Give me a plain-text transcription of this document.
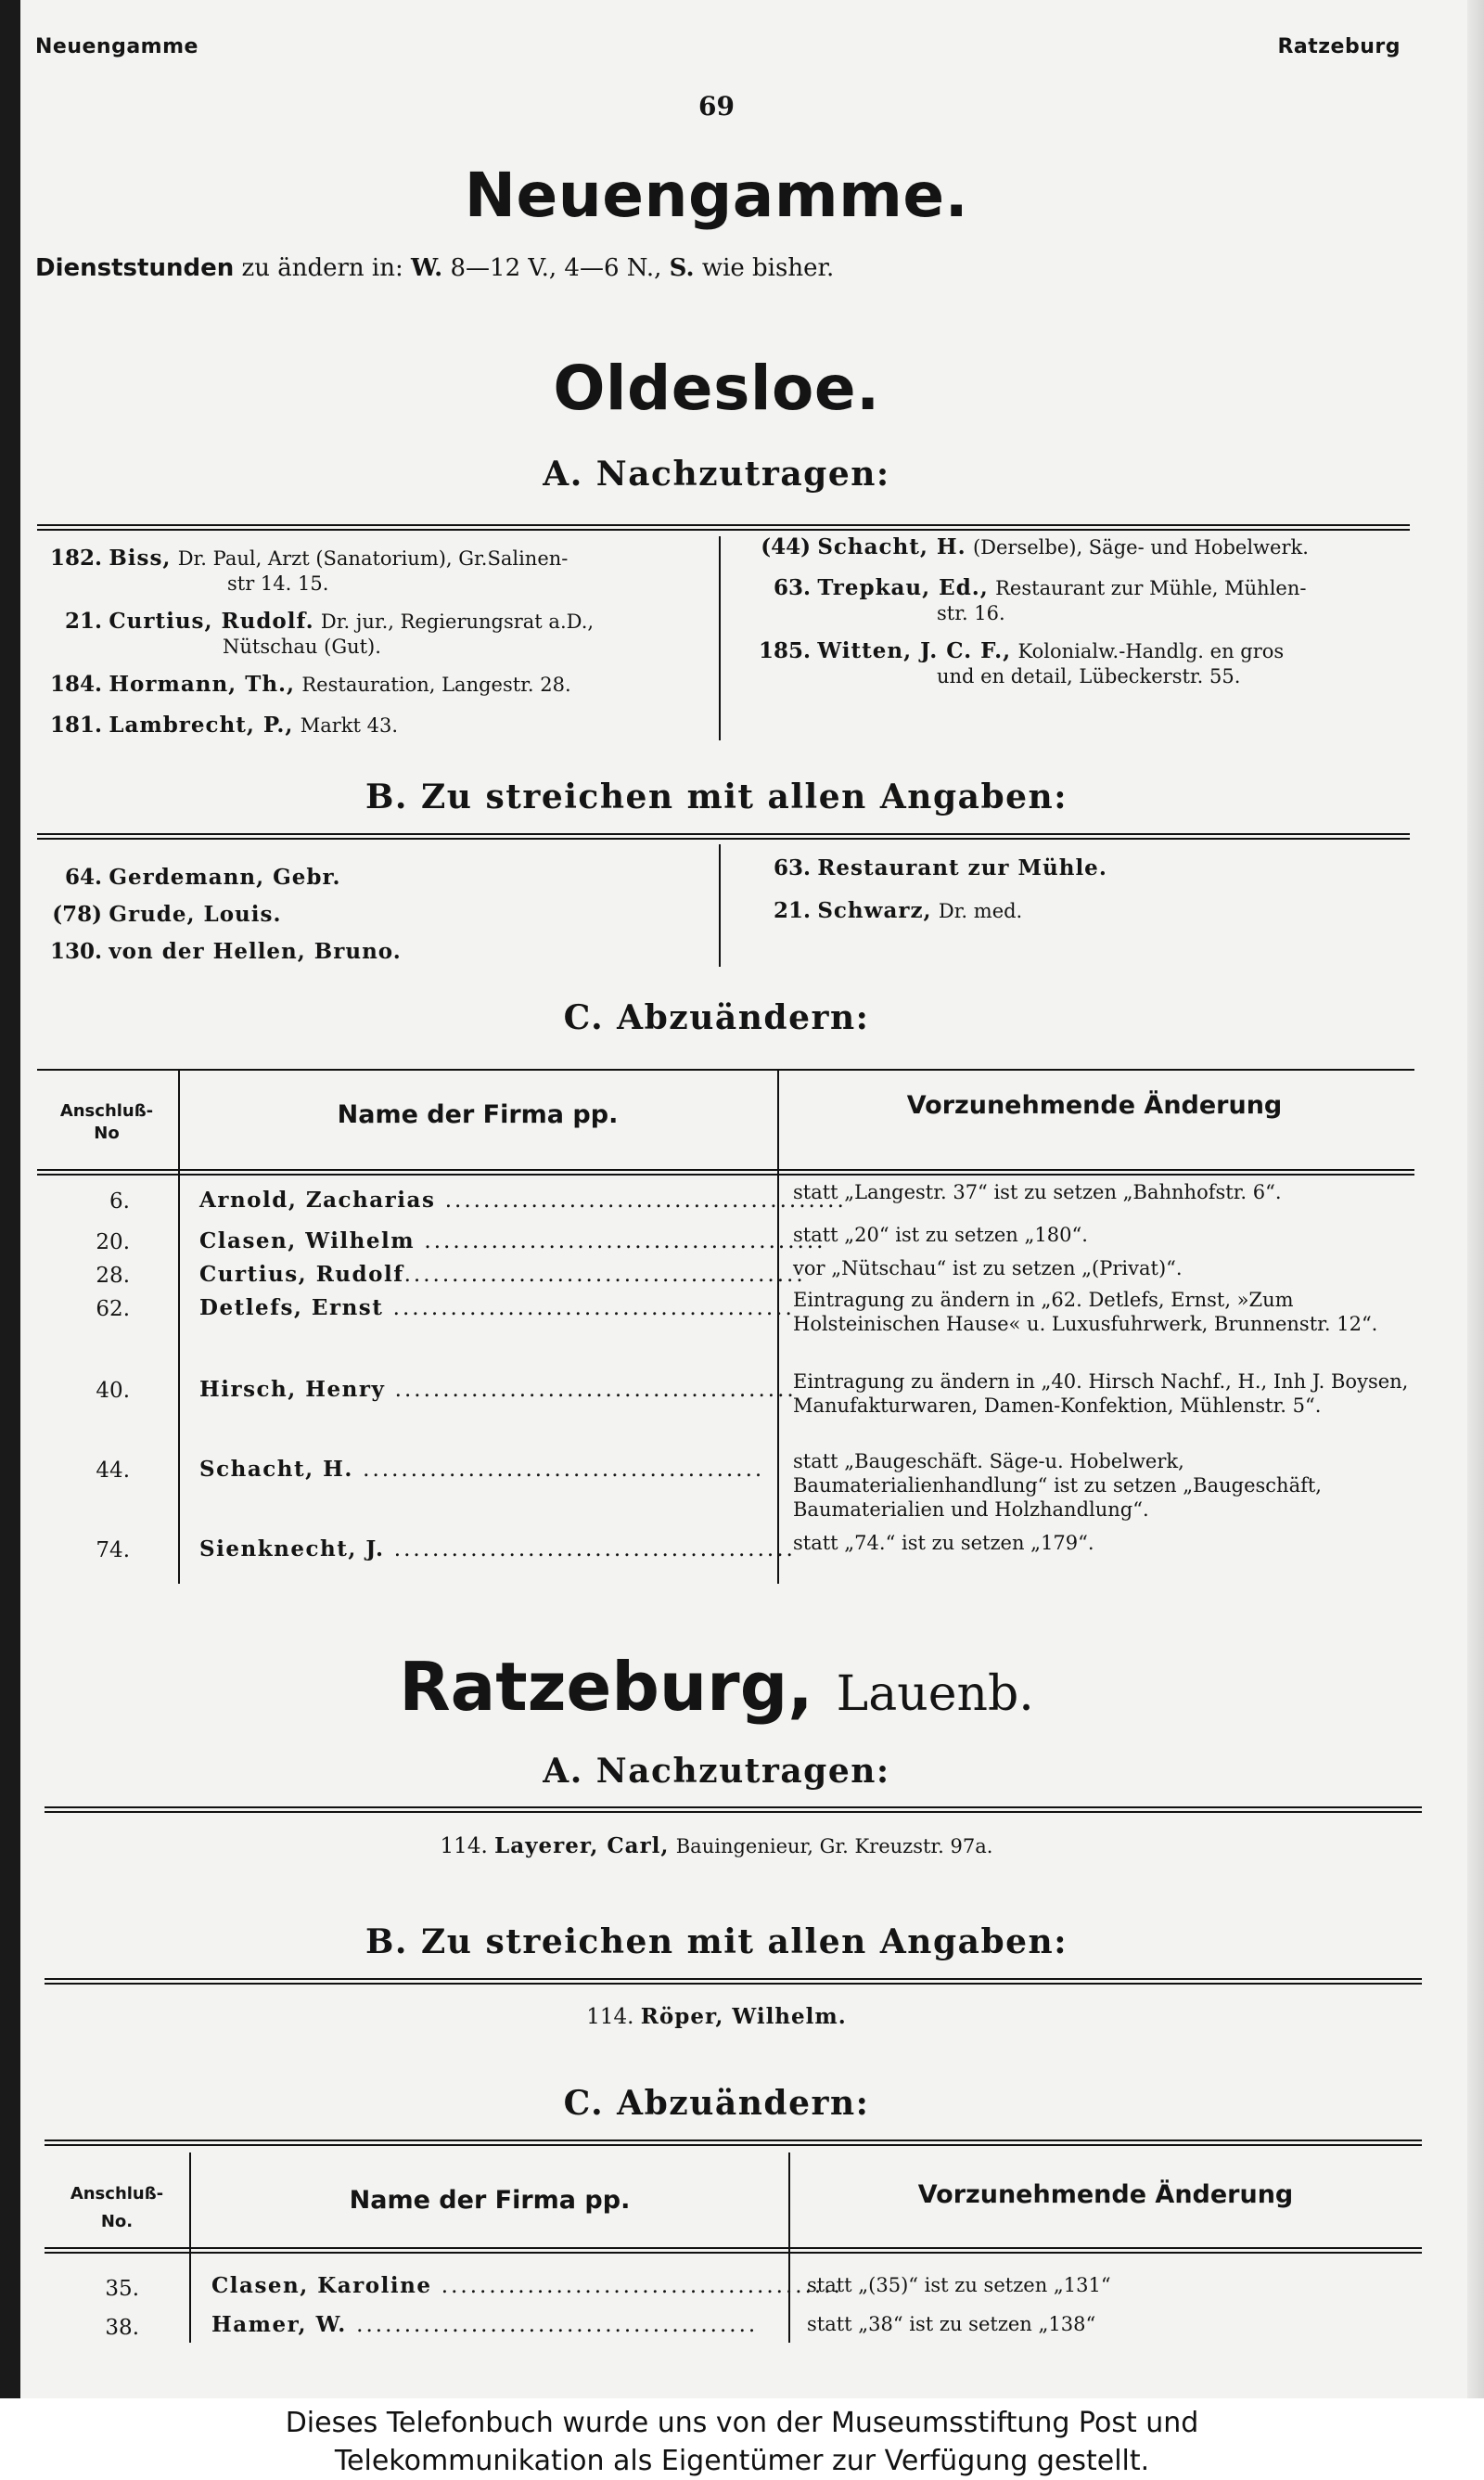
Neuengamme	Ratzeburg
69
Neuengamme.
Dienststunden zu ändern in: W. 8—12 V., 4—6 N., S. wie bisher.
Oldesloe.
A. Nachzutragen:
182. Biss, Dr. Paul, Arzt (Sanatorium), Gr.Salinen-
str 14. 15.
21. Curtius, Rudolf. Dr. jur., Regierungsrat a.D.,
Nütschau (Gut).
184. Hormann, Th., Restauration, Langestr. 28.
181. Lambrecht, P., Markt 43.
(44) Schacht, H. (Derselbe), Säge- und Hobelwerk.
63. Trepkau, Ed., Restaurant zur Mühle, Mühlen-
str. 16.
185. Witten, J. C. F., Kolonialw.-Handlg. en gros
und en detail, Lübeckerstr. 55.
B. Zu streichen mit allen Angaben:
64. Gerdemann, Gebr.
(78) Grude, Louis.
130. von der Hellen, Bruno.
63. Restaurant zur Mühle.
21. Schwarz, Dr. med.
C. Abzuändern:
Anschluß-
No
Name der Firma pp.	Vorzunehmende Änderung
6.	Arnold, Zacharias ..........................................
statt „Langestr. 37“ ist zu setzen „Bahnhofstr. 6“.
20.	Clasen, Wilhelm ..........................................
statt „20“ ist zu setzen „180“.
28.	Curtius, Rudolf..........................................
vor „Nütschau“ ist zu setzen „(Privat)“.
62.	Detlefs, Ernst ..........................................
Eintragung zu ändern in „62. Detlefs, Ernst, »Zum Holsteinischen Hause« u. Luxusfuhrwerk, Brunnenstr. 12“.
40.	Hirsch, Henry ..........................................
Eintragung zu ändern in „40. Hirsch Nachf., H., Inh J. Boysen, Manufakturwaren, Damen-Konfektion, Mühlenstr. 5“.
44.	Schacht, H. .......................................... statt „Baugeschäft. Säge-u. Hobelwerk, Baumaterialienhandlung“ ist zu setzen „Baugeschäft, Baumaterialien und Holzhandlung“.
74.	Sienknecht, J. ..........................................
statt „74.“ ist zu setzen „179“.
Ratzeburg, Lauenb.
A. Nachzutragen:
114. Layerer, Carl, Bauingenieur, Gr. Kreuzstr. 97a.
B. Zu streichen mit allen Angaben:
114. Röper, Wilhelm.
C. Abzuändern:
Anschluß-
No.
Name der Firma pp.	Vorzunehmende Änderung
35.	Clasen, Karoline ..........................................
statt „(35)“ ist zu setzen „131“
38.	Hamer, W. ..........................................	statt „38“ ist zu setzen „138“
Dieses Telefonbuch wurde uns von der Museumsstiftung Post und
Telekommunikation als Eigentümer zur Verfügung gestellt.
